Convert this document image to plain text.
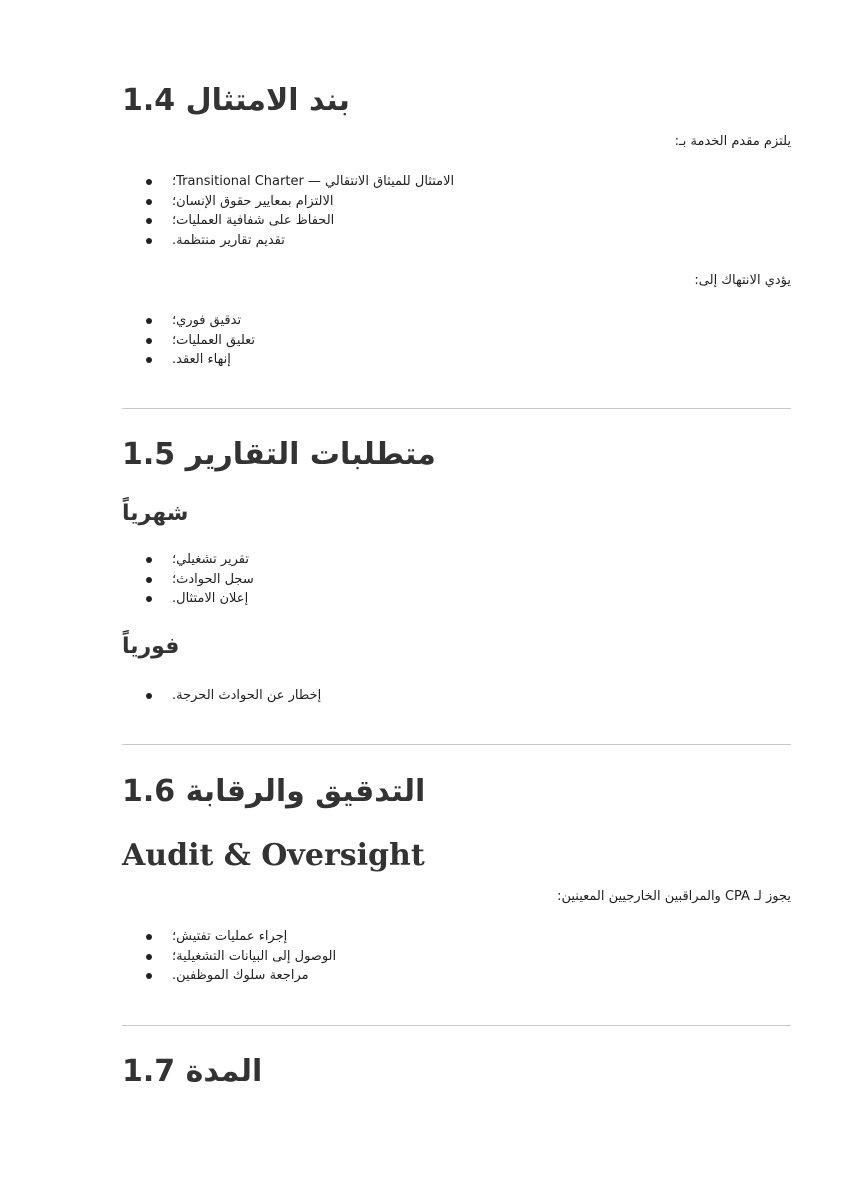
1.4 بند الامتثال

يلتزم مقدم الخدمة بـ:

الامتثال للميثاق الانتقالي — Transitional Charter؛
الالتزام بمعايير حقوق الإنسان؛
الحفاظ على شفافية العمليات؛
تقديم تقارير منتظمة.

يؤدي الانتهاك إلى:

تدقيق فوري؛
تعليق العمليات؛
إنهاء العقد.
1.5 متطلبات التقارير
شهرياً
تقرير تشغيلي؛
سجل الحوادث؛
إعلان الامتثال.
فورياً
إخطار عن الحوادث الحرجة.
1.6 التدقيق والرقابة
Audit & Oversight

يجوز لـ CPA والمراقبين الخارجيين المعينين:

إجراء عمليات تفتيش؛
الوصول إلى البيانات التشغيلية؛
مراجعة سلوك الموظفين.
1.7 المدة
